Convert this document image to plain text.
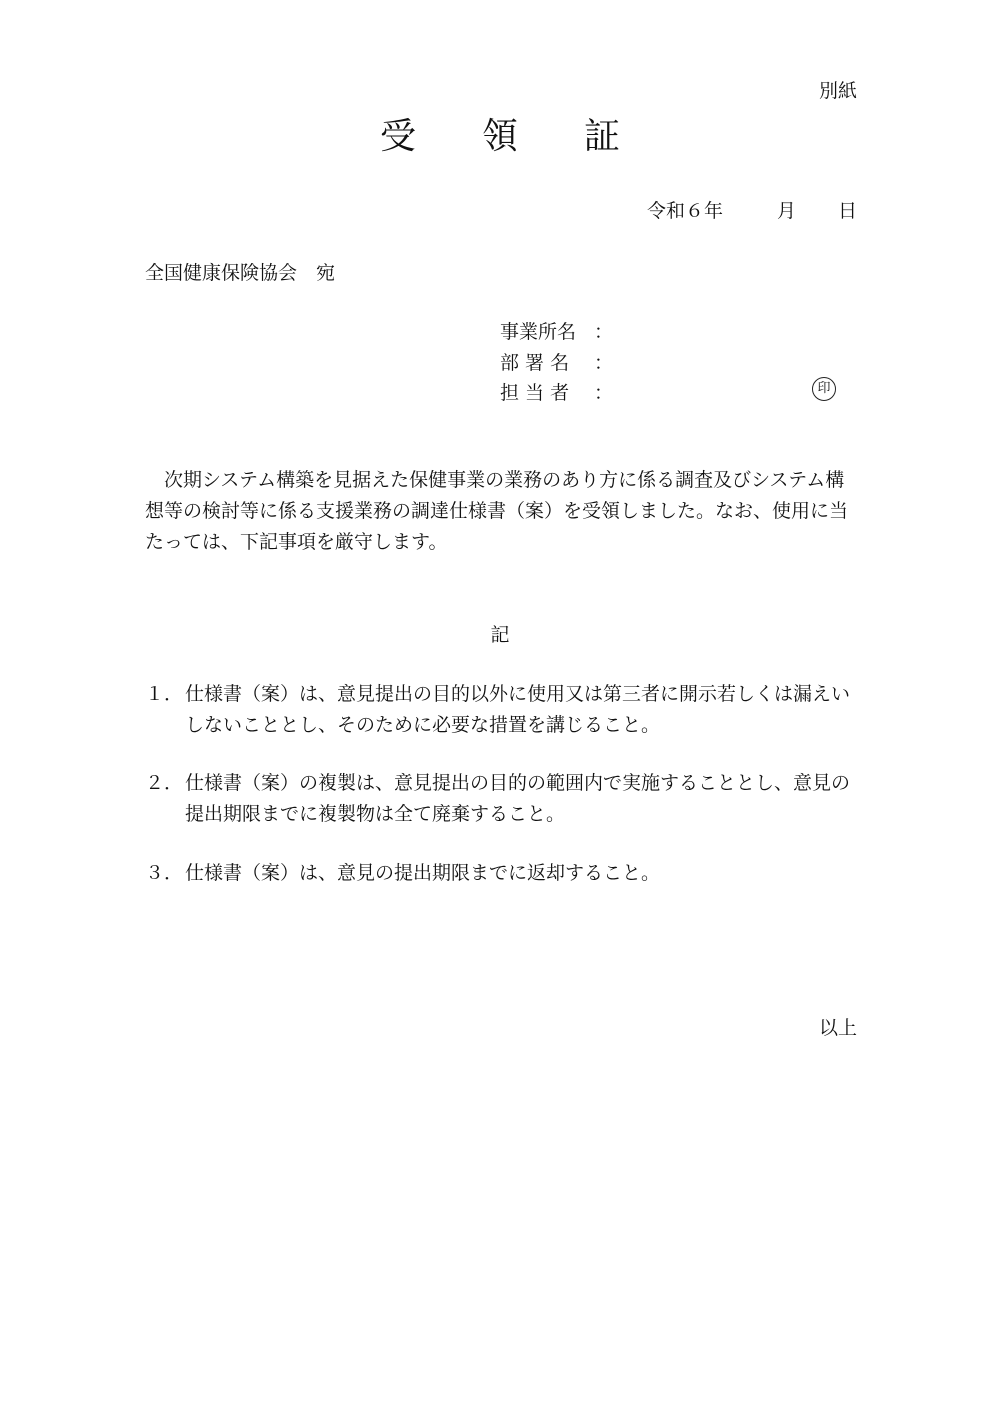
別紙
受 領 証
令和６年	月 日
全国健康保険協会　宛
事業所名 ：
部 署 名 ：
担 当 者 ：	印
　次期システム構築を見据えた保健事業の業務のあり方に係る調査及びシステム構想等の検討等に係る支援業務の調達仕様書（案）を受領しました。なお、使用に当たっては、下記事項を厳守します。
記
１． 仕様書（案）は、意見提出の目的以外に使用又は第三者に開示若しくは漏えいしないこととし、そのために必要な措置を講じること。
２． 仕様書（案）の複製は、意見提出の目的の範囲内で実施することとし、意見の提出期限までに複製物は全て廃棄すること。
３． 仕様書（案）は、意見の提出期限までに返却すること。
以上
